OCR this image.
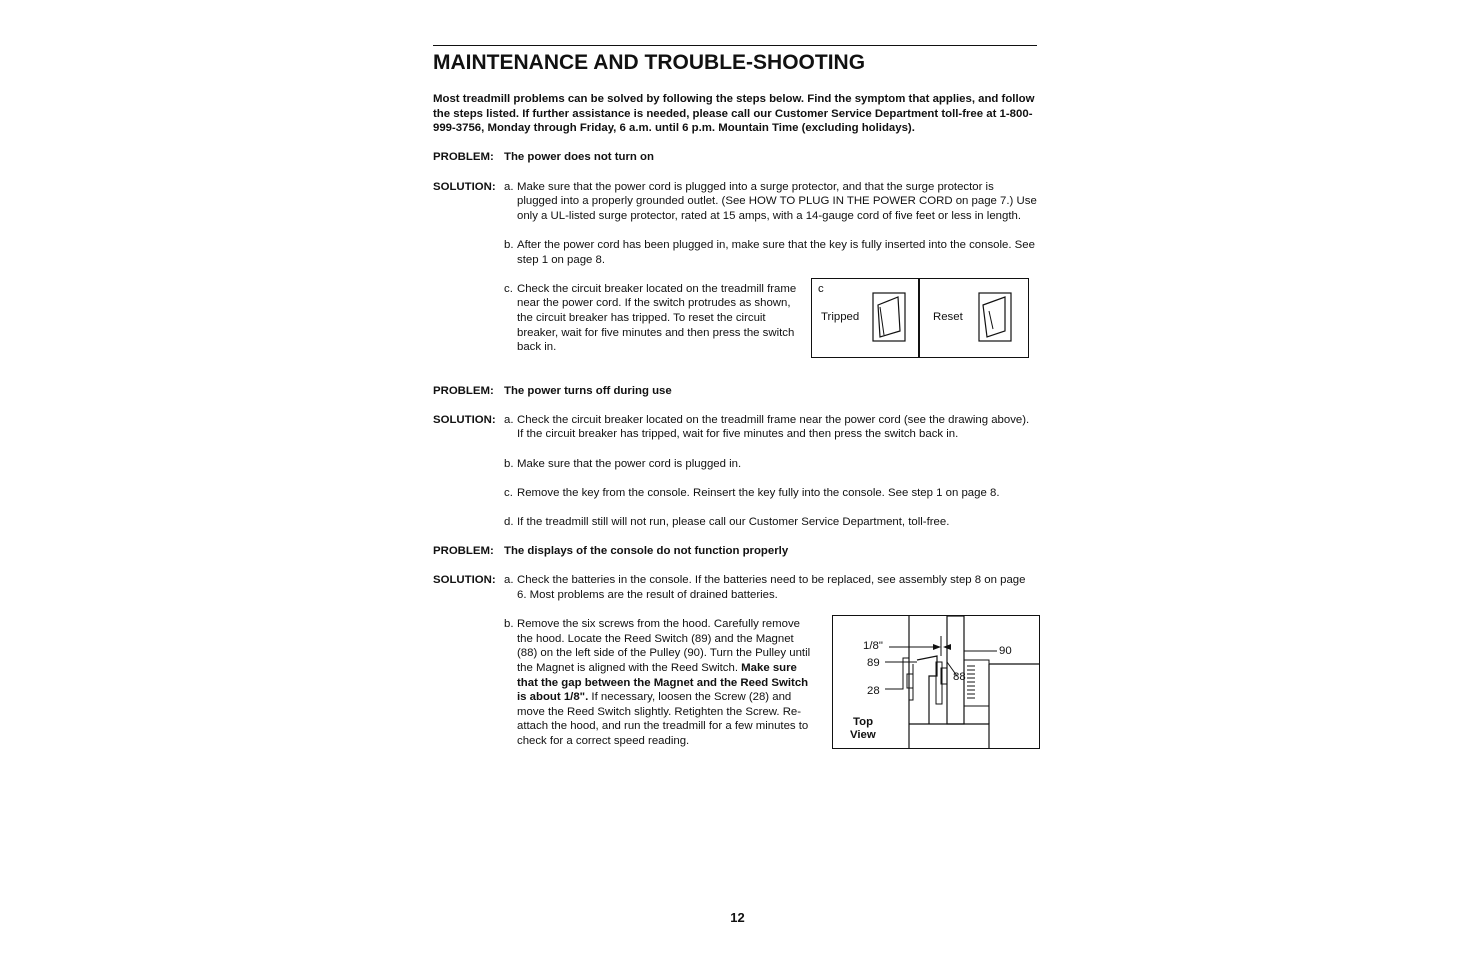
MAINTENANCE AND TROUBLE-SHOOTING
Most treadmill problems can be solved by following the steps below. Find the symptom that applies, and follow the steps listed. If further assistance is needed, please call our Customer Service Department toll-free at 1-800-999-3756, Monday through Friday, 6 a.m. until 6 p.m. Mountain Time (excluding holidays).
PROBLEM: The power does not turn on
SOLUTION: a. Make sure that the power cord is plugged into a surge protector, and that the surge protector is plugged into a properly grounded outlet. (See HOW TO PLUG IN THE POWER CORD on page 7.) Use only a UL-listed surge protector, rated at 15 amps, with a 14-gauge cord of five feet or less in length.
b. After the power cord has been plugged in, make sure that the key is fully inserted into the console. See step 1 on page 8.
c. Check the circuit breaker located on the treadmill frame near the power cord. If the switch protrudes as shown, the circuit breaker has tripped. To reset the circuit breaker, wait for five minutes and then press the switch back in.
c
Tripped	Reset
PROBLEM: The power turns off during use
SOLUTION: a. Check the circuit breaker located on the treadmill frame near the power cord (see the drawing above). If the circuit breaker has tripped, wait for five minutes and then press the switch back in.
b. Make sure that the power cord is plugged in.
c. Remove the key from the console. Reinsert the key fully into the console. See step 1 on page 8.
d. If the treadmill still will not run, please call our Customer Service Department, toll-free.
PROBLEM: The displays of the console do not function properly
SOLUTION: a. Check the batteries in the console. If the batteries need to be replaced, see assembly step 8 on page 6. Most problems are the result of drained batteries.
b. Remove the six screws from the hood. Carefully remove the hood. Locate the Reed Switch (89) and the Magnet (88) on the left side of the Pulley (90). Turn the Pulley until the Magnet is aligned with the Reed Switch. Make sure that the gap between the Magnet and the Reed Switch is about 1/8". If necessary, loosen the Screw (28) and move the Reed Switch slightly. Retighten the Screw. Re-attach the hood, and run the treadmill for a few minutes to check for a correct speed reading.
1/8"
89
28
90
88
Top
View
12
